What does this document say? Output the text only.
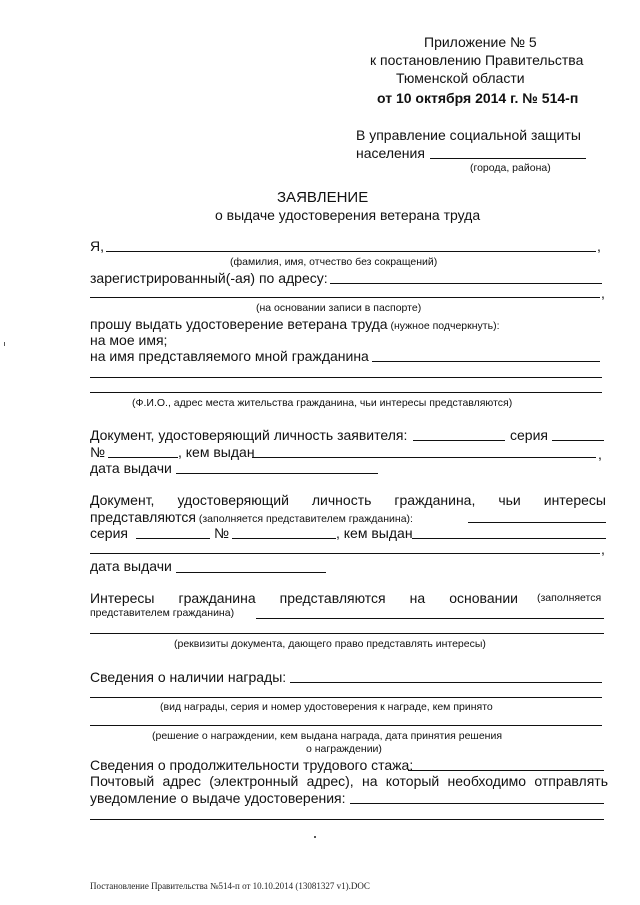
Приложение № 5
к постановлению Правительства
Тюменской области
от 10 октября 2014 г. № 514-п
В управление социальной защиты
населения
(города, района)
ЗАЯВЛЕНИЕ
о выдаче удостоверения ветерана труда
Я,	,
(фамилия, имя, отчество без сокращений)
зарегистрированный(-ая) по адресу:
,
(на основании записи в паспорте)
прошу выдать удостоверение ветерана труда (нужное подчеркнуть):
на мое имя;
на имя представляемого мной гражданина
(Ф.И.О., адрес места жительства гражданина, чьи интересы представляются)
Документ, удостоверяющий личность заявителя:	серия
№	, кем выдан	,
дата выдачи
Документ, удостоверяющий личность гражданина, чьи интересы
представляются (заполняется представителем гражданина):
серия	№	, кем выдан
,
дата выдачи
Интересы гражданина представляются на основании (заполняется
представителем гражданина)
(реквизиты документа, дающего право представлять интересы)
Сведения о наличии награды:
(вид награды, серия и номер удостоверения к награде, кем принято
(решение о награждении, кем выдана награда, дата принятия решения
о награждении)
Сведения о продолжительности трудового стажа:
Почтовый адрес (электронный адрес), на который необходимо отправлять
уведомление о выдаче удостоверения:
Постановление Правительства №514-п от 10.10.2014 (13081327 v1).DOC
